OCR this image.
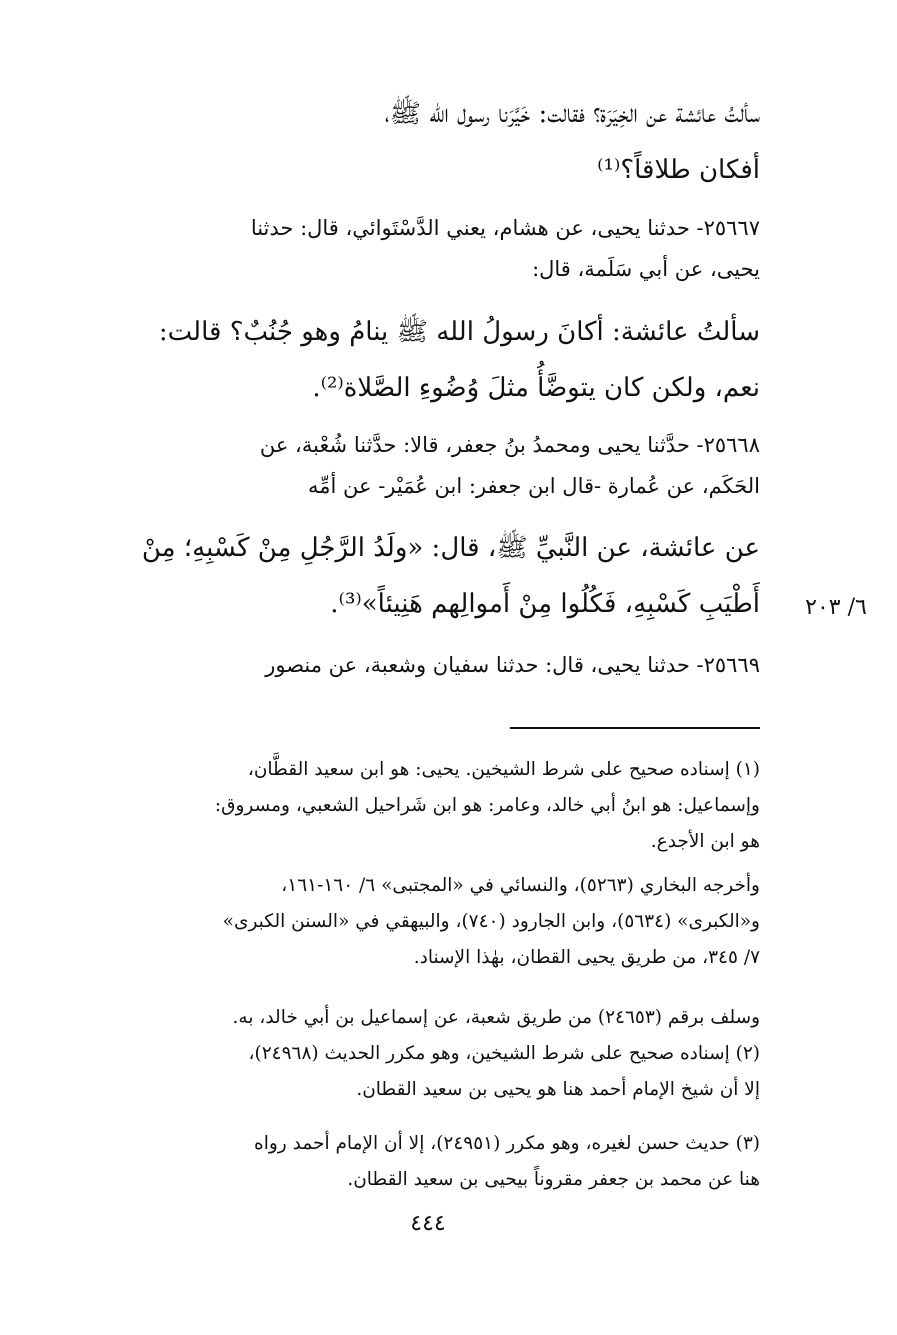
سألتُ عائشة عن الخِيَرَة؟ فقالت: خَيَّرَنا رسول الله ﷺ،
أفكان طلاقاً؟⁽¹⁾
٢٥٦٦٧- حدثنا يحيى، عن هشام، يعني الدَّسْتَوائي، قال: حدثنا
يحيى، عن أبي سَلَمة، قال:
سألتُ عائشة: أكانَ رسولُ الله ﷺ ينامُ وهو جُنُبٌ؟ قالت:
نعم، ولكن كان يتوضَّأُ مثلَ وُضُوءِ الصَّلاة⁽²⁾.
٢٥٦٦٨- حدَّثنا يحيى ومحمدُ بنُ جعفر، قالا: حدَّثنا شُعْبة، عن
الحَكَم، عن عُمارة -قال ابن جعفر: ابن عُمَيْر- عن أمِّه
عن عائشة، عن النَّبيِّ ﷺ، قال: «ولَدُ الرَّجُلِ مِنْ كَسْبِهِ؛ مِنْ
أَطْيَبِ كَسْبِهِ، فَكُلُوا مِنْ أَموالِهم هَنِيئاً»⁽³⁾.	٦/ ٢٠٣
٢٥٦٦٩- حدثنا يحيى، قال: حدثنا سفيان وشعبة، عن منصور
(١) إسناده صحيح على شرط الشيخين. يحيى: هو ابن سعيد القطَّان،
وإسماعيل: هو ابنُ أبي خالد، وعامر: هو ابن شَراحيل الشعبي، ومسروق:
هو ابن الأجدع.
وأخرجه البخاري (٥٢٦٣)، والنسائي في «المجتبى» ٦/ ١٦٠-١٦١،
و«الكبرى» (٥٦٣٤)، وابن الجارود (٧٤٠)، والبيهقي في «السنن الكبرى»
٧/ ٣٤٥، من طريق يحيى القطان، بهٰذا الإسناد.
وسلف برقم (٢٤٦٥٣) من طريق شعبة، عن إسماعيل بن أبي خالد، به.
(٢) إسناده صحيح على شرط الشيخين، وهو مكرر الحديث (٢٤٩٦٨)،
إلا أن شيخ الإمام أحمد هنا هو يحيى بن سعيد القطان.
(٣) حديث حسن لغيره، وهو مكرر (٢٤٩٥١)، إلا أن الإمام أحمد رواه
هنا عن محمد بن جعفر مقروناً بيحيى بن سعيد القطان.
٤٤٤
